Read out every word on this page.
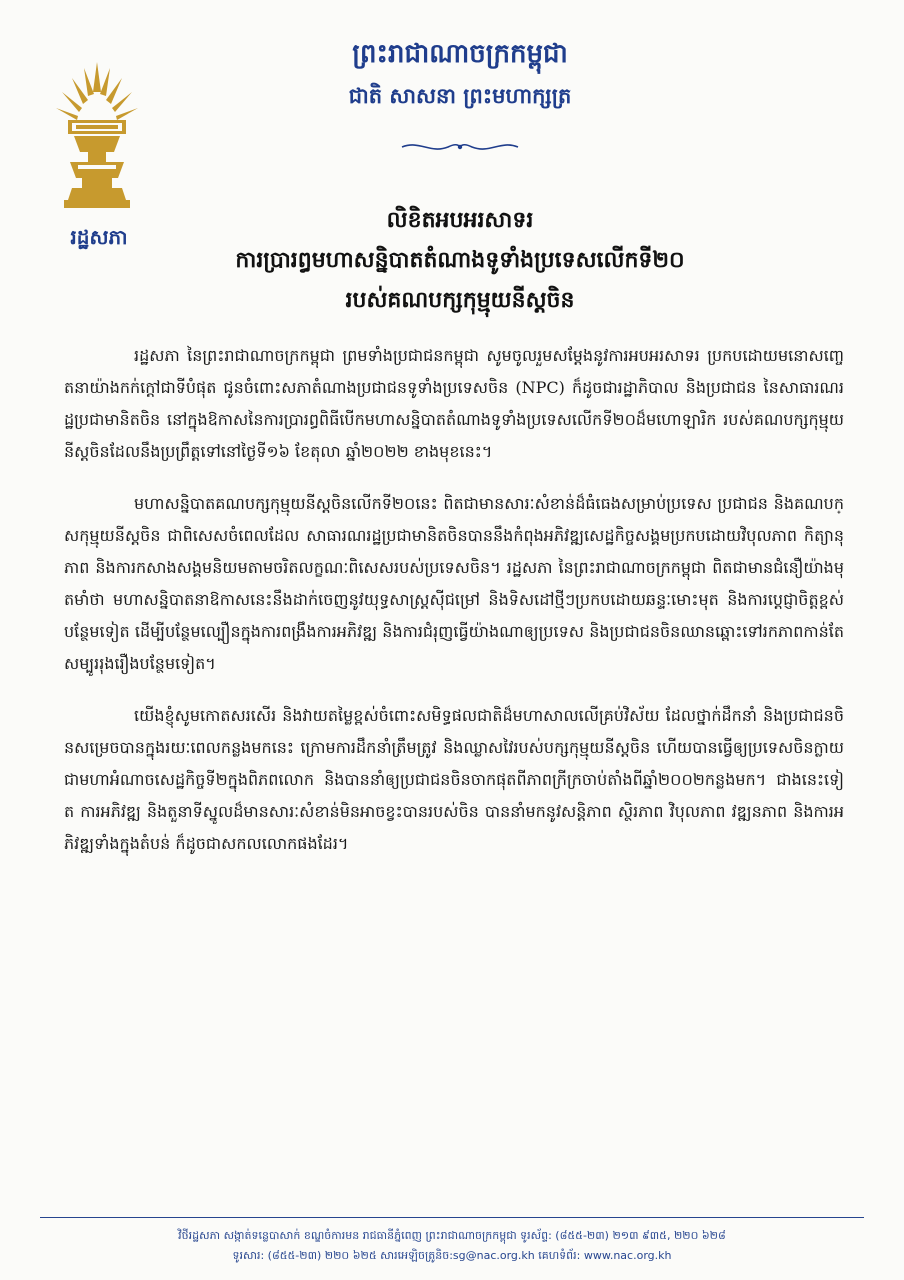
រដ្ឋសភា
ព្រះរាជាណាចក្រកម្ពុជា
ជាតិ សាសនា ព្រះមហាក្សត្រ
លិខិតអបអរសាទរ
ការប្រារព្ធមហាសន្និបាតតំណាងទូទាំងប្រទេសលើកទី២០
របស់គណបក្សកុម្មុយនីស្តចិន

រដ្ឋសភា នៃព្រះរាជាណាចក្រកម្ពុជា ព្រមទាំងប្រជាជនកម្ពុជា សូមចូលរួមសម្តែងនូវការអបអរសាទរ ប្រកបដោយមនោសញ្ចេតនាយ៉ាងកក់ក្តៅជាទីបំផុត ជូនចំពោះសភាតំណាងប្រជាជនទូទាំងប្រទេសចិន (NPC) ក៏ដូចជារដ្ឋាភិបាល និងប្រជាជន នៃសាធារណរដ្ឋប្រជាមានិតចិន នៅក្នុងឱកាសនៃការប្រារព្ធពិធីបើកមហាសន្និបាតតំណាងទូទាំងប្រទេសលើកទី២០ដ៏មហោឡារិក របស់គណបក្សកុម្មុយនីស្តចិនដែលនឹងប្រព្រឹត្តទៅនៅថ្ងៃទី១៦ ខែតុលា ឆ្នាំ២០២២ ខាងមុខនេះ។

មហាសន្និបាតគណបក្សកុម្មុយនីស្តចិនលើកទី២០នេះ ពិតជាមានសារៈសំខាន់ដ៏ធំធេងសម្រាប់ប្រទេស ប្រជាជន និងគណបក្សកុម្មុយនីស្តចិន ជាពិសេសចំពេលដែល សាធារណរដ្ឋប្រជាមានិតចិនបាននឹងកំពុងអភិវឌ្ឍសេដ្ឋកិច្ចសង្គមប្រកបដោយវិបុលភាព កិត្យានុភាព និងការកសាងសង្គមនិយមតាមចរិតលក្ខណៈពិសេសរបស់ប្រទេសចិន។ រដ្ឋសភា នៃព្រះរាជាណាចក្រកម្ពុជា ពិតជាមានជំនឿយ៉ាងមុតមាំថា មហាសន្និបាតនាឱកាសនេះនឹងដាក់ចេញនូវយុទ្ធសាស្ត្រស៊ីជម្រៅ និងទិសដៅថ្មីៗប្រកបដោយឆន្ទៈមោះមុត និងការប្តេជ្ញាចិត្តខ្ពស់បន្ថែមទៀត ដើម្បីបន្ថែមល្បឿនក្នុងការពង្រឹងការអភិវឌ្ឍ និងការជំរុញធ្វើយ៉ាងណាឲ្យប្រទេស និងប្រជាជនចិនឈានឆ្ពោះទៅរកភាពកាន់តែសម្បូររុងរឿងបន្ថែមទៀត។

យើងខ្ញុំសូមកោតសរសើរ និងវាយតម្លៃខ្ពស់ចំពោះសមិទ្ធផលជាតិដ៏មហាសាលលើគ្រប់វិស័យ ដែលថ្នាក់ដឹកនាំ និងប្រជាជនចិនសម្រេចបានក្នុងរយៈពេលកន្លងមកនេះ ក្រោមការដឹកនាំត្រឹមត្រូវ និងឈ្លាសវៃរបស់បក្សកុម្មុយនីស្តចិន ហើយបានធ្វើឲ្យប្រទេសចិនក្លាយជាមហាអំណាចសេដ្ឋកិច្ចទី២ក្នុងពិភពលោក និងបាននាំឲ្យប្រជាជនចិនចាកផុតពីភាពក្រីក្រចាប់តាំងពីឆ្នាំ២០០២កន្លងមក។ ជាងនេះទៀត ការអភិវឌ្ឍ និងតួនាទីស្នូលដ៏មានសារៈសំខាន់មិនអាចខ្វះបានរបស់ចិន បាននាំមកនូវសន្តិភាព ស្ថិរភាព វិបុលភាព វឌ្ឍនភាព និងការអភិវឌ្ឍទាំងក្នុងតំបន់ ក៏ដូចជាសកលលោកផងដែរ។

វិថីរដ្ឋសភា សង្កាត់ទន្លេបាសាក់ ខណ្ឌចំការមន រាជធានីភ្នំពេញ ព្រះរាជាណាចក្រកម្ពុជា ទូរស័ព្ទ: (៨៥៥-២៣) ២១៣ ៩៣៥, ២២០ ៦២៨
ទូរសារ: (៨៥៥-២៣) ២២០ ៦២៥ សារអេឡិចត្រូនិច:sg@nac.org.kh គេហទំព័រ: www.nac.org.kh
